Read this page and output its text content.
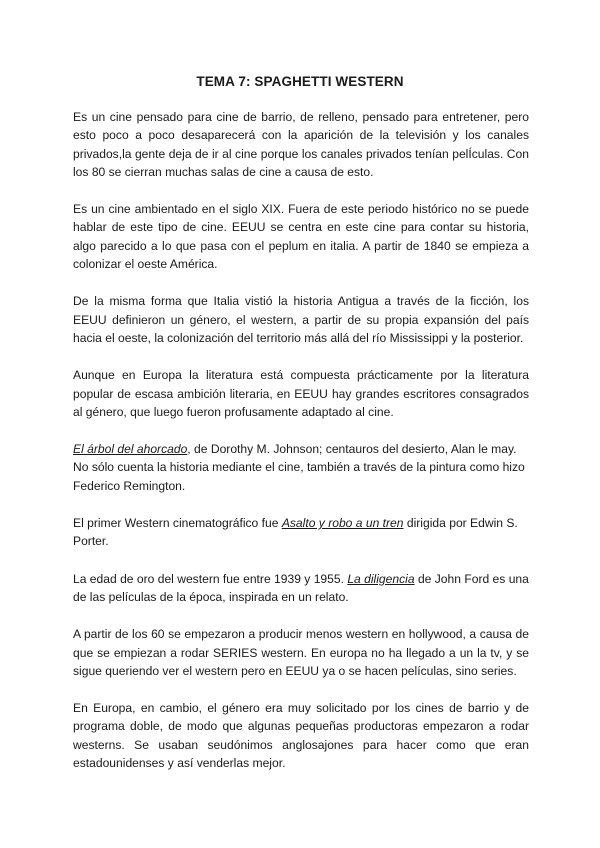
TEMA 7: SPAGHETTI WESTERN

Es un cine pensado para cine de barrio, de relleno, pensado para entretener, pero esto poco a poco desaparecerá con la aparición de la televisión y los canales privados,la gente deja de ir al cine porque los canales privados tenían pelÍculas. Con los 80 se cierran muchas salas de cine a causa de esto.

Es un cine ambientado en el siglo XIX. Fuera de este periodo histórico no se puede hablar de este tipo de cine. EEUU se centra en este cine para contar su historia, algo parecido a lo que pasa con el peplum en italia. A partir de 1840 se empieza a colonizar el oeste América.

De la misma forma que Italia vistió la historia Antigua a través de la ficción, los EEUU definieron un género, el western, a partir de su propia expansión del país hacia el oeste, la colonización del territorio más allá del río Mississippi y la posterior.

Aunque en Europa la literatura está compuesta prácticamente por la literatura popular de escasa ambición literaria, en EEUU hay grandes escritores consagrados al género, que luego fueron profusamente adaptado al cine.

El árbol del ahorcado, de Dorothy M. Johnson; centauros del desierto, Alan le may. No sólo cuenta la historia mediante el cine, también a través de la pintura como hizo Federico Remington.

El primer Western cinematográfico fue Asalto y robo a un tren dirigida por Edwin S. Porter.

La edad de oro del western fue entre 1939 y 1955. La diligencia de John Ford es una de las películas de la época, inspirada en un relato.

A partir de los 60 se empezaron a producir menos western en hollywood, a causa de que se empiezan a rodar SERIES western. En europa no ha llegado a un la tv, y se sigue queriendo ver el western pero en EEUU ya o se hacen películas, sino series.

En Europa, en cambio, el género era muy solicitado por los cines de barrio y de programa doble, de modo que algunas pequeñas productoras empezaron a rodar westerns. Se usaban seudónimos anglosajones para hacer como que eran estadounidenses y así venderlas mejor.
